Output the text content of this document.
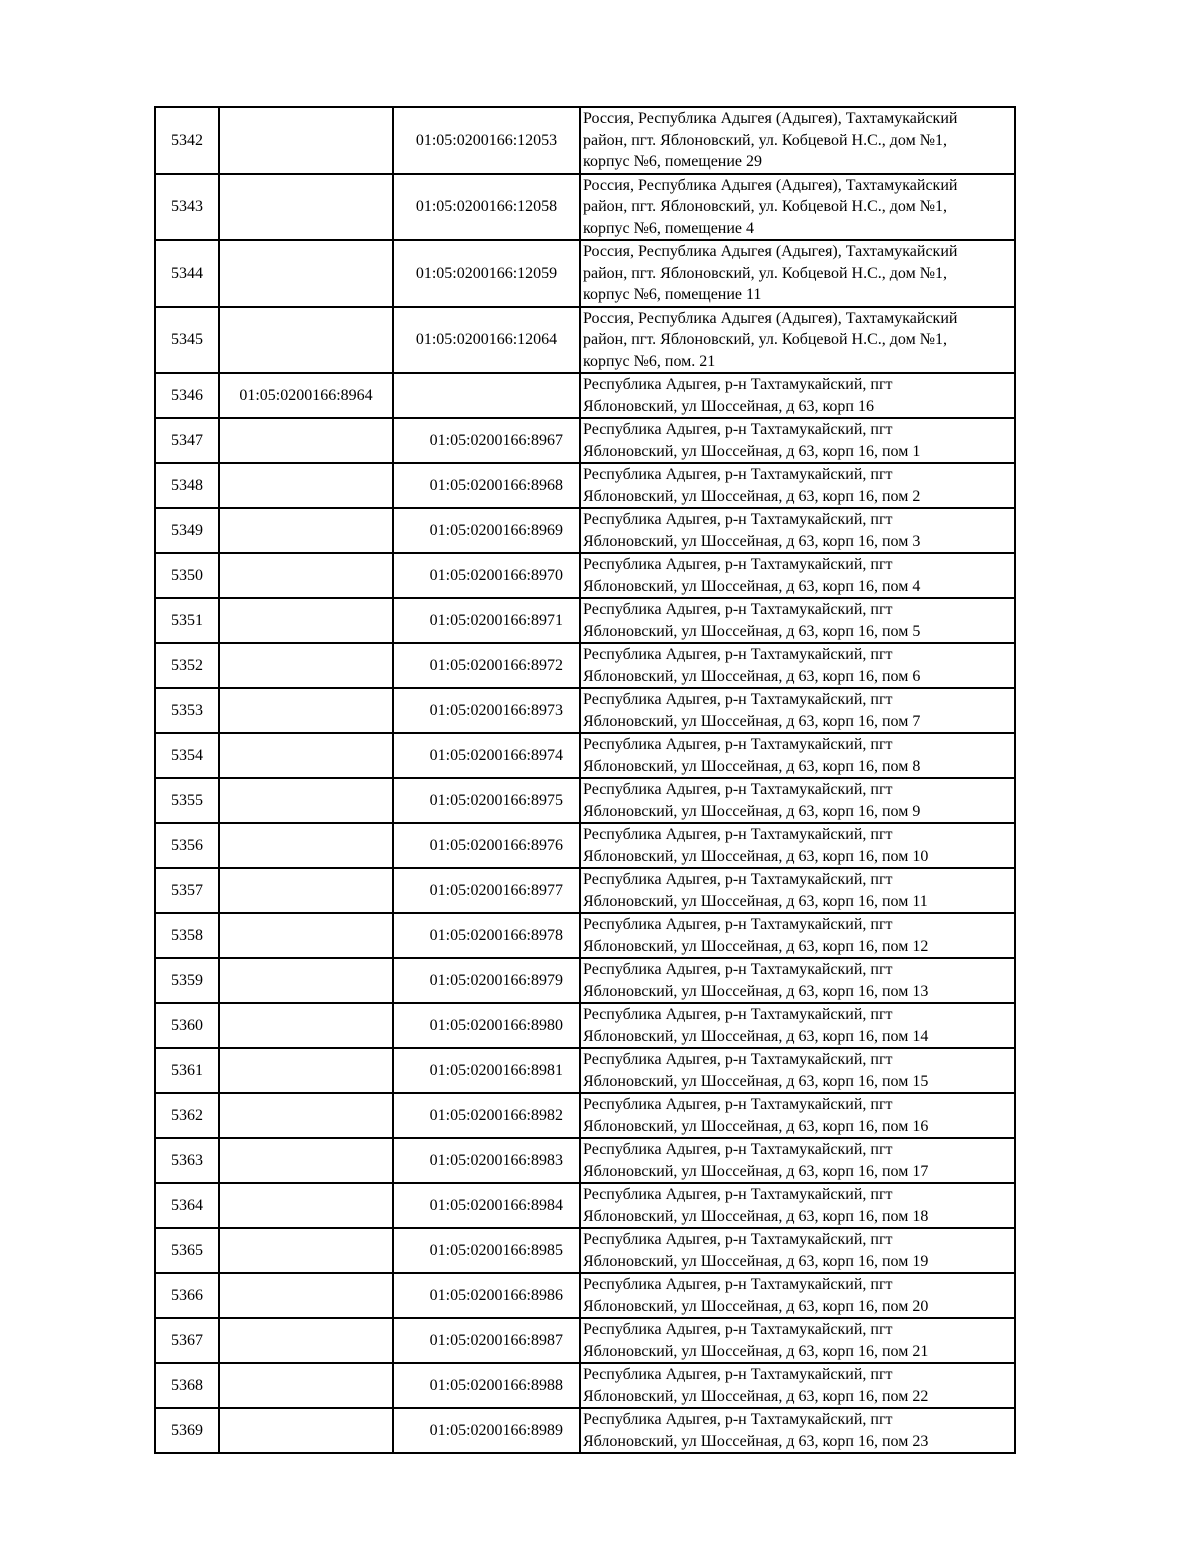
5342		01:05:0200166:12053	Россия, Республика Адыгея (Адыгея), Тахтамукайский
район, пгт. Яблоновский, ул. Кобцевой Н.С., дом №1,
корпус №6, помещение 29

5343		01:05:0200166:12058	Россия, Республика Адыгея (Адыгея), Тахтамукайский
район, пгт. Яблоновский, ул. Кобцевой Н.С., дом №1,
корпус №6, помещение 4

5344		01:05:0200166:12059	Россия, Республика Адыгея (Адыгея), Тахтамукайский
район, пгт. Яблоновский, ул. Кобцевой Н.С., дом №1,
корпус №6, помещение 11

5345		01:05:0200166:12064	Россия, Республика Адыгея (Адыгея), Тахтамукайский
район, пгт. Яблоновский, ул. Кобцевой Н.С., дом №1,
корпус №6, пом. 21

5346	01:05:0200166:8964		Республика Адыгея, р-н Тахтамукайский, пгт
Яблоновский, ул Шоссейная, д 63, корп 16

5347		01:05:0200166:8967	Республика Адыгея, р-н Тахтамукайский, пгт
Яблоновский, ул Шоссейная, д 63, корп 16, пом 1

5348		01:05:0200166:8968	Республика Адыгея, р-н Тахтамукайский, пгт
Яблоновский, ул Шоссейная, д 63, корп 16, пом 2

5349		01:05:0200166:8969	Республика Адыгея, р-н Тахтамукайский, пгт
Яблоновский, ул Шоссейная, д 63, корп 16, пом 3

5350		01:05:0200166:8970	Республика Адыгея, р-н Тахтамукайский, пгт
Яблоновский, ул Шоссейная, д 63, корп 16, пом 4

5351		01:05:0200166:8971	Республика Адыгея, р-н Тахтамукайский, пгт
Яблоновский, ул Шоссейная, д 63, корп 16, пом 5

5352		01:05:0200166:8972	Республика Адыгея, р-н Тахтамукайский, пгт
Яблоновский, ул Шоссейная, д 63, корп 16, пом 6

5353		01:05:0200166:8973	Республика Адыгея, р-н Тахтамукайский, пгт
Яблоновский, ул Шоссейная, д 63, корп 16, пом 7

5354		01:05:0200166:8974	Республика Адыгея, р-н Тахтамукайский, пгт
Яблоновский, ул Шоссейная, д 63, корп 16, пом 8

5355		01:05:0200166:8975	Республика Адыгея, р-н Тахтамукайский, пгт
Яблоновский, ул Шоссейная, д 63, корп 16, пом 9

5356		01:05:0200166:8976	Республика Адыгея, р-н Тахтамукайский, пгт
Яблоновский, ул Шоссейная, д 63, корп 16, пом 10

5357		01:05:0200166:8977	Республика Адыгея, р-н Тахтамукайский, пгт
Яблоновский, ул Шоссейная, д 63, корп 16, пом 11

5358		01:05:0200166:8978	Республика Адыгея, р-н Тахтамукайский, пгт
Яблоновский, ул Шоссейная, д 63, корп 16, пом 12

5359		01:05:0200166:8979	Республика Адыгея, р-н Тахтамукайский, пгт
Яблоновский, ул Шоссейная, д 63, корп 16, пом 13

5360		01:05:0200166:8980	Республика Адыгея, р-н Тахтамукайский, пгт
Яблоновский, ул Шоссейная, д 63, корп 16, пом 14

5361		01:05:0200166:8981	Республика Адыгея, р-н Тахтамукайский, пгт
Яблоновский, ул Шоссейная, д 63, корп 16, пом 15

5362		01:05:0200166:8982	Республика Адыгея, р-н Тахтамукайский, пгт
Яблоновский, ул Шоссейная, д 63, корп 16, пом 16

5363		01:05:0200166:8983	Республика Адыгея, р-н Тахтамукайский, пгт
Яблоновский, ул Шоссейная, д 63, корп 16, пом 17

5364		01:05:0200166:8984	Республика Адыгея, р-н Тахтамукайский, пгт
Яблоновский, ул Шоссейная, д 63, корп 16, пом 18

5365		01:05:0200166:8985	Республика Адыгея, р-н Тахтамукайский, пгт
Яблоновский, ул Шоссейная, д 63, корп 16, пом 19

5366		01:05:0200166:8986	Республика Адыгея, р-н Тахтамукайский, пгт
Яблоновский, ул Шоссейная, д 63, корп 16, пом 20

5367		01:05:0200166:8987	Республика Адыгея, р-н Тахтамукайский, пгт
Яблоновский, ул Шоссейная, д 63, корп 16, пом 21

5368		01:05:0200166:8988	Республика Адыгея, р-н Тахтамукайский, пгт
Яблоновский, ул Шоссейная, д 63, корп 16, пом 22

5369		01:05:0200166:8989	Республика Адыгея, р-н Тахтамукайский, пгт
Яблоновский, ул Шоссейная, д 63, корп 16, пом 23
